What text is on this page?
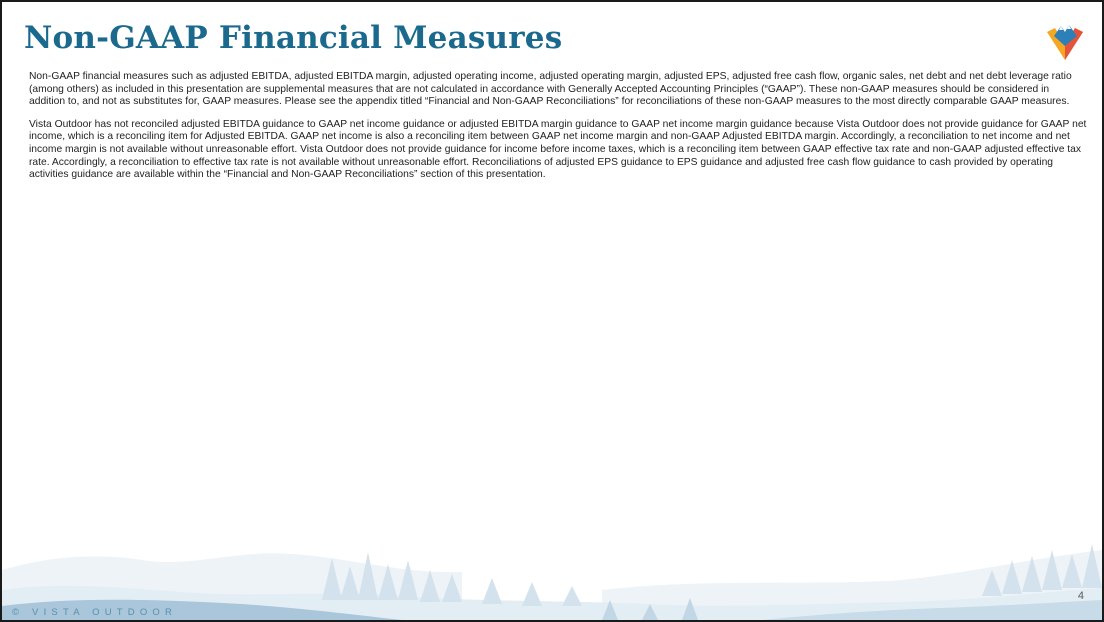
Non-GAAP Financial Measures

Non-GAAP financial measures such as adjusted EBITDA, adjusted EBITDA margin, adjusted operating income, adjusted operating margin, adjusted EPS, adjusted free cash flow, organic sales, net debt and net debt leverage ratio (among others) as included in this presentation are supplemental measures that are not calculated in accordance with Generally Accepted Accounting Principles (“GAAP”). These non-GAAP measures should be considered in addition to, and not as substitutes for, GAAP measures. Please see the appendix titled “Financial and Non-GAAP Reconciliations” for reconciliations of these non-GAAP measures to the most directly comparable GAAP measures.

Vista Outdoor has not reconciled adjusted EBITDA guidance to GAAP net income guidance or adjusted EBITDA margin guidance to GAAP net income margin guidance because Vista Outdoor does not provide guidance for GAAP net income, which is a reconciling item for Adjusted EBITDA. GAAP net income is also a reconciling item between GAAP net income margin and non-GAAP Adjusted EBITDA margin. Accordingly, a reconciliation to net income and net income margin is not available without unreasonable effort. Vista Outdoor does not provide guidance for income before income taxes, which is a reconciling item between GAAP effective tax rate and non-GAAP adjusted effective tax rate. Accordingly, a reconciliation to effective tax rate is not available without unreasonable effort. Reconciliations of adjusted EPS guidance to EPS guidance and adjusted free cash flow guidance to cash provided by operating activities guidance are available within the “Financial and Non-GAAP Reconciliations” section of this presentation.

© VISTA OUTDOOR
4
